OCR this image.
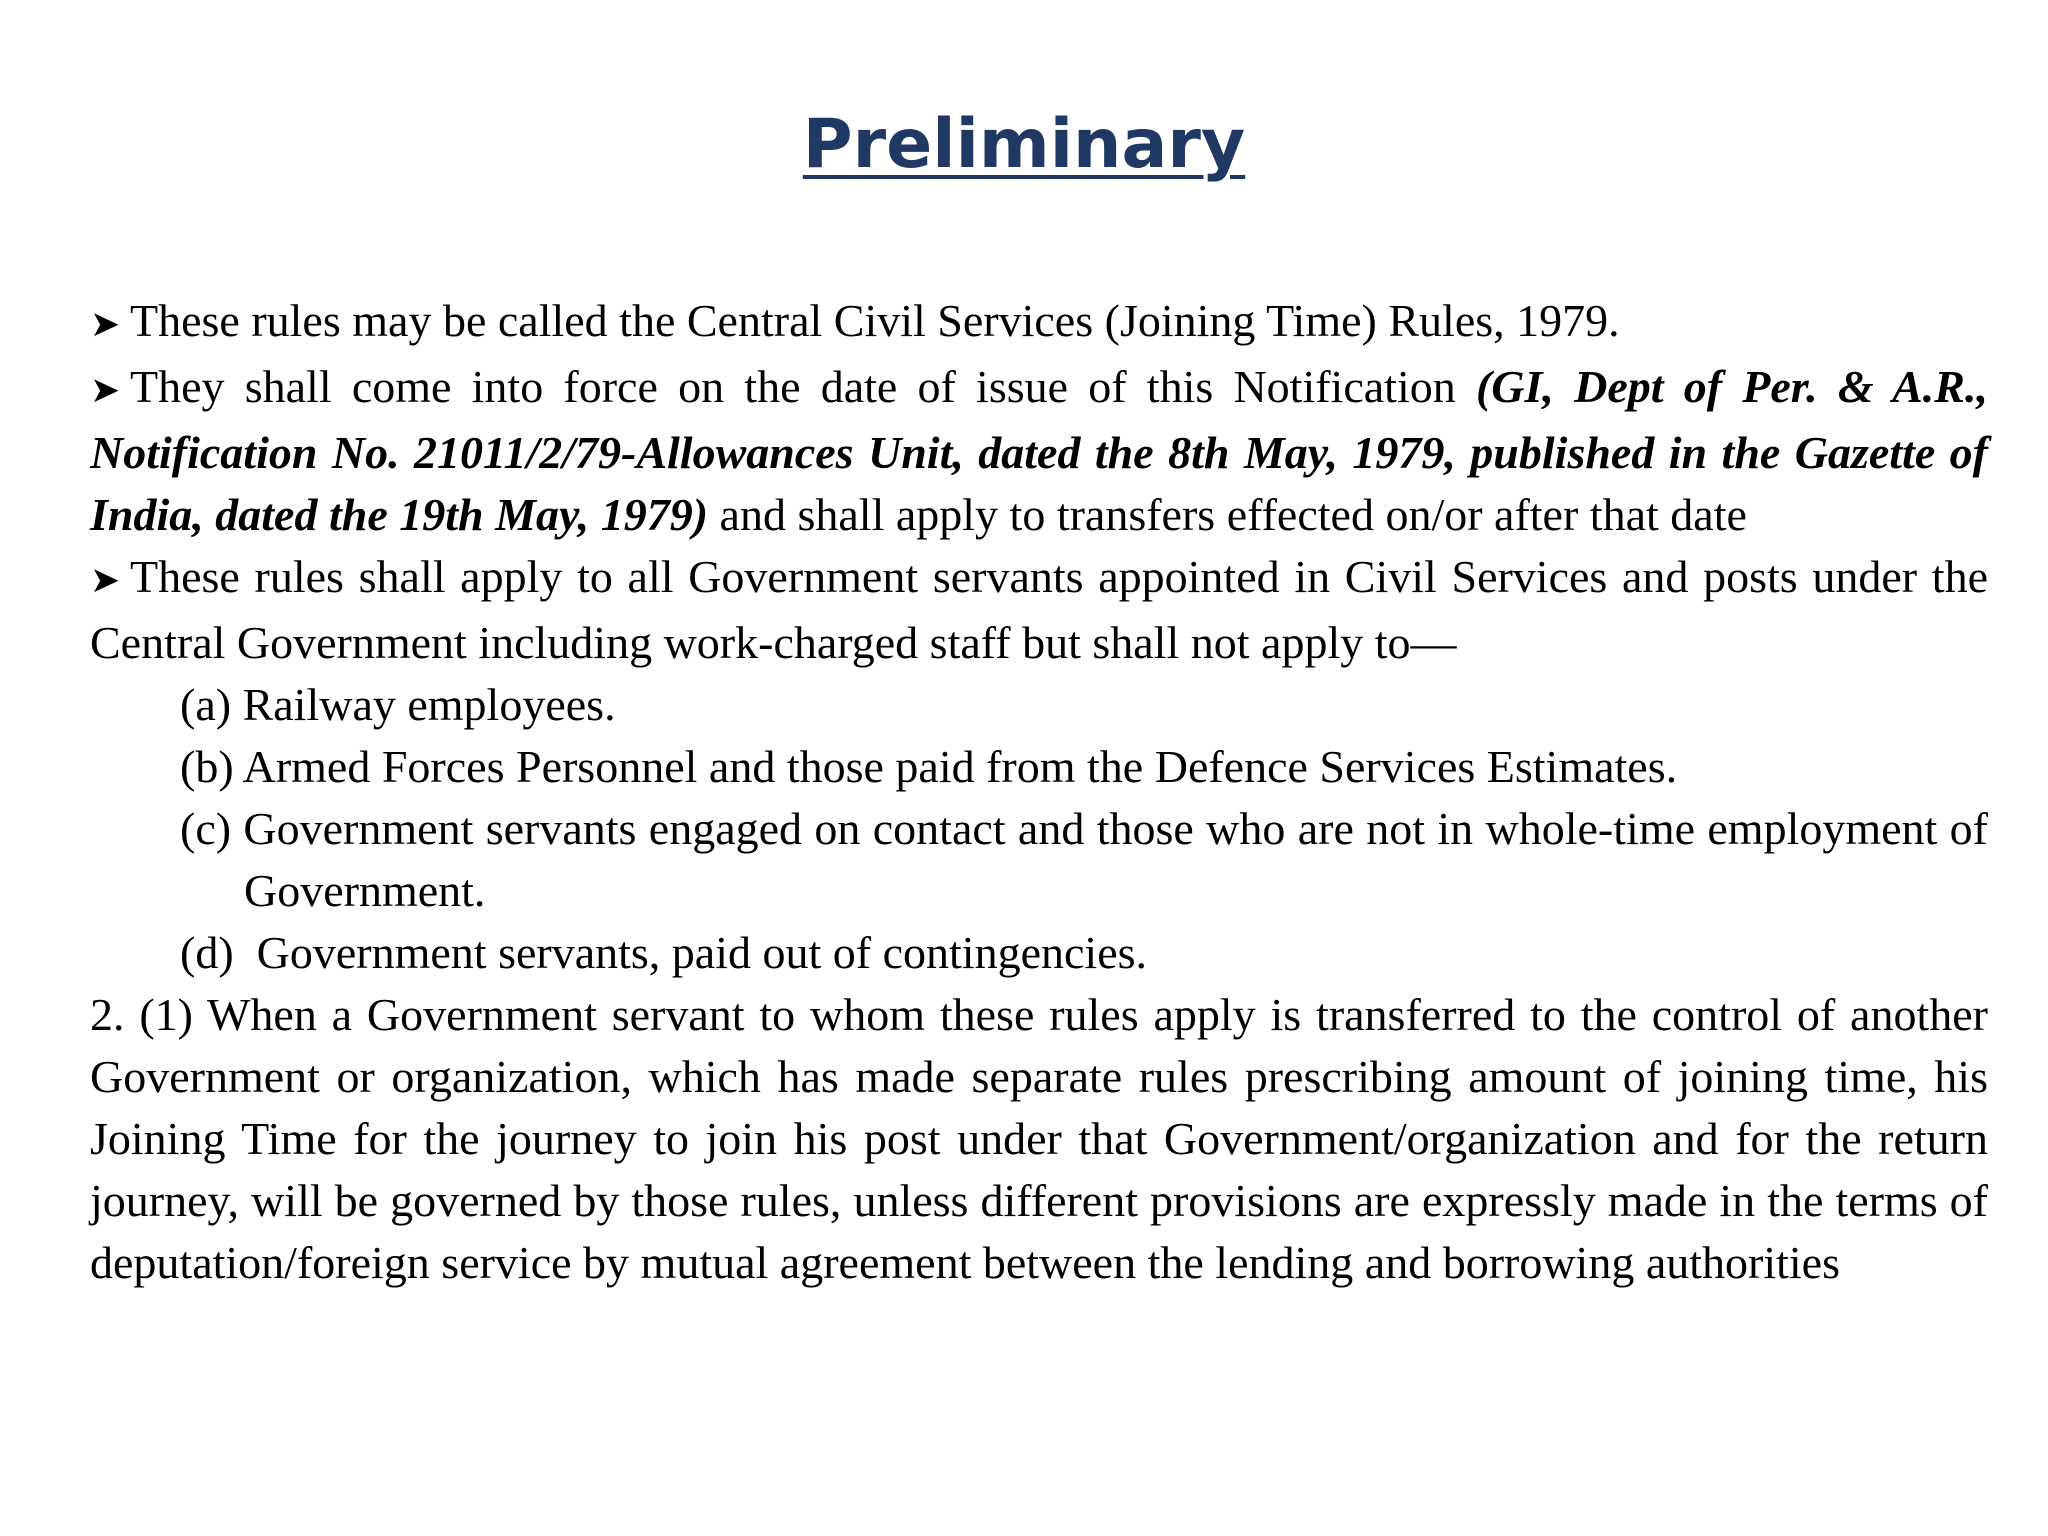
Preliminary

➤ These rules may be called the Central Civil Services (Joining Time) Rules, 1979.

➤ They shall come into force on the date of issue of this Notification (GI, Dept of Per. & A.R., Notification No. 21011/2/79-Allowances Unit, dated the 8th May, 1979, published in the Gazette of India, dated the 19th May, 1979) and shall apply to transfers effected on/or after that date

➤ These rules shall apply to all Government servants appointed in Civil Services and posts under the Central Government including work-charged staff but shall not apply to—

(a) Railway employees.

(b) Armed Forces Personnel and those paid from the Defence Services Estimates.

(c) Government servants engaged on contact and those who are not in whole-time employment of Government.

(d) Government servants, paid out of contingencies.

2. (1) When a Government servant to whom these rules apply is transferred to the control of another Government or organization, which has made separate rules prescribing amount of joining time, his Joining Time for the journey to join his post under that Government/organization and for the return journey, will be governed by those rules, unless different provisions are expressly made in the terms of deputation/foreign service by mutual agreement between the lending and borrowing authorities
